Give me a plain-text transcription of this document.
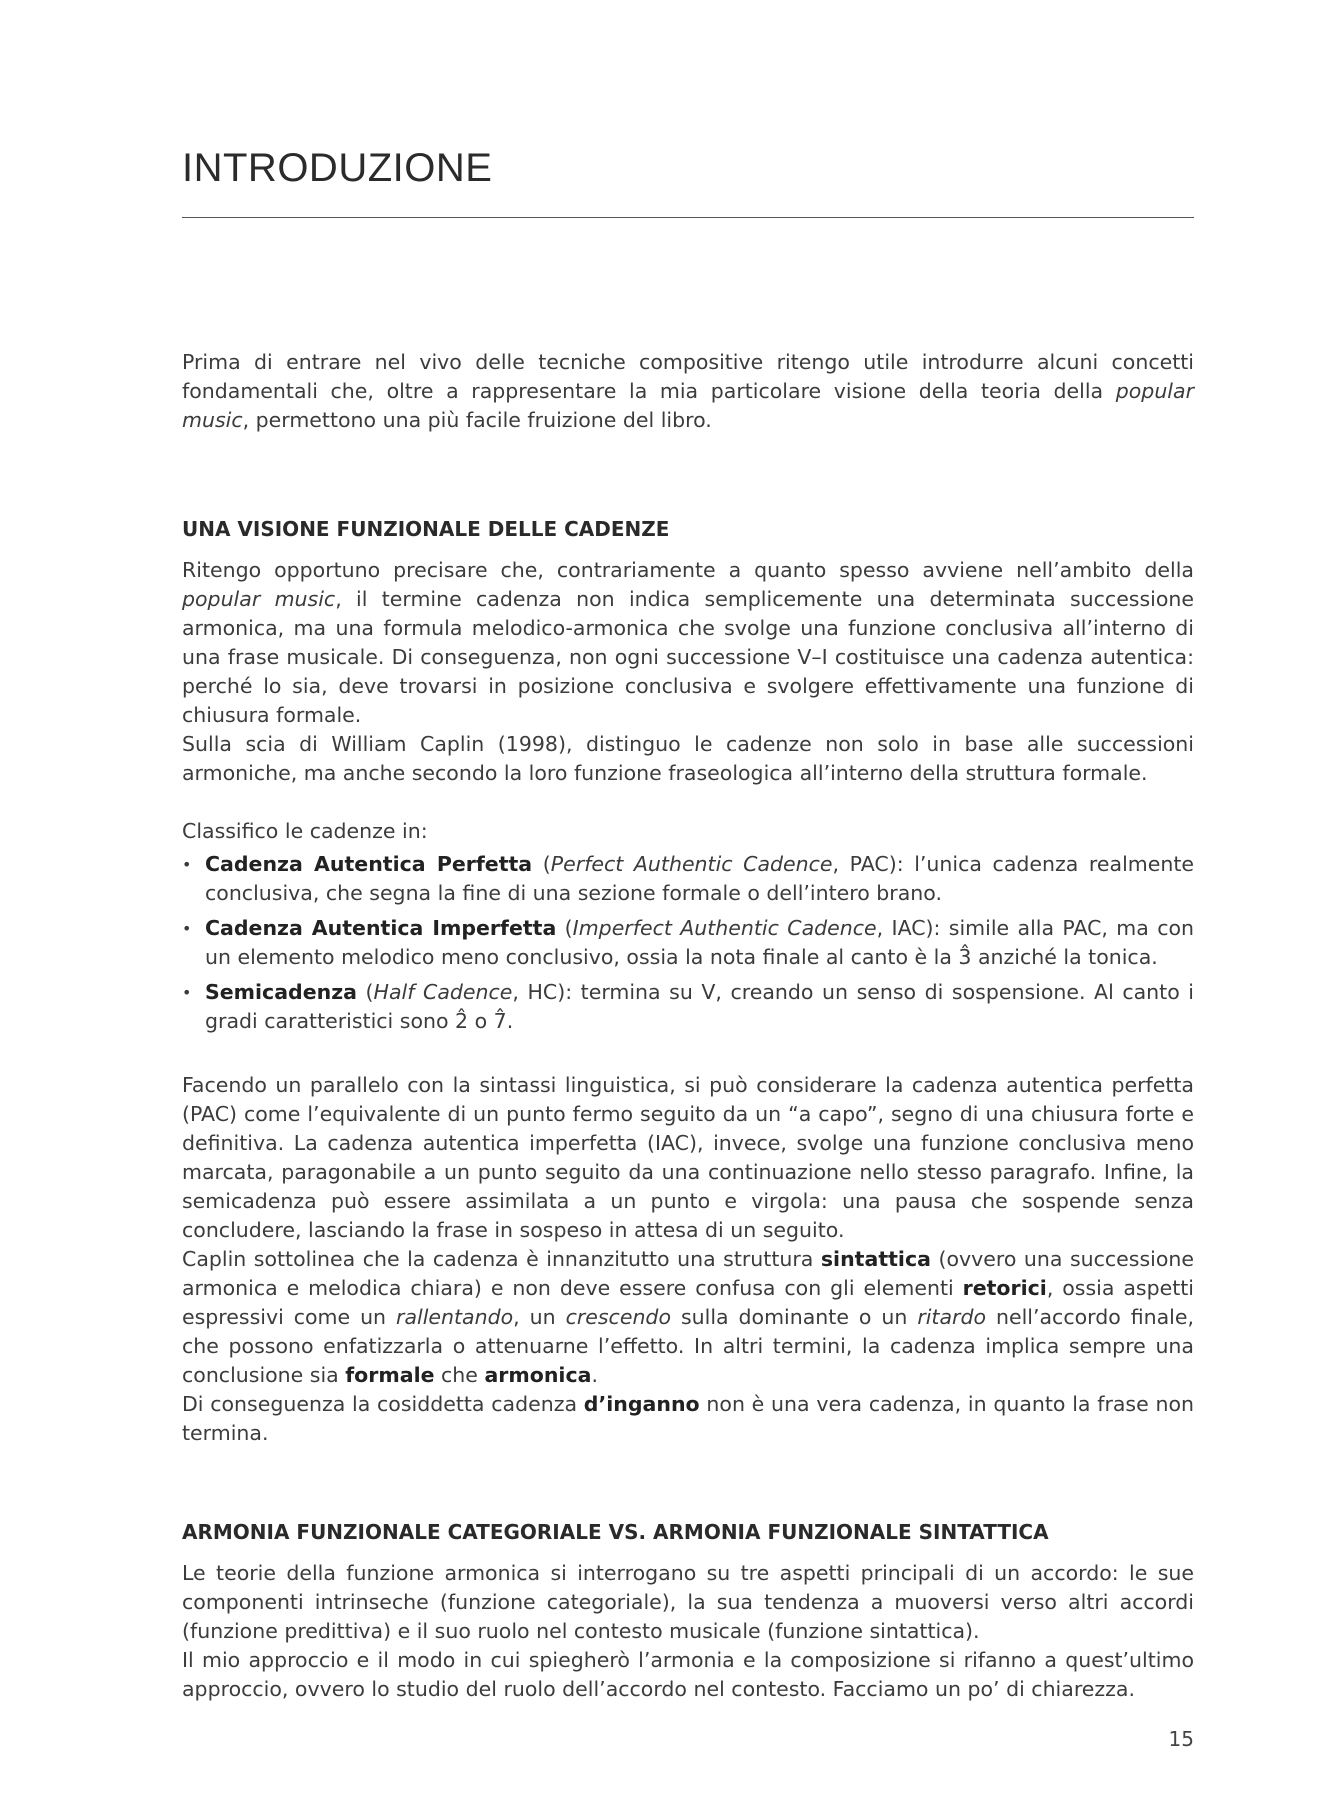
INTRODUZIONE

Prima di entrare nel vivo delle tecniche compositive ritengo utile introdurre alcuni concetti fondamentali che, oltre a rappresentare la mia particolare visione della teoria della popular music, permettono una più facile fruizione del libro.

UNA VISIONE FUNZIONALE DELLE CADENZE

Ritengo opportuno precisare che, contrariamente a quanto spesso avviene nell’ambito della popular music, il termine cadenza non indica semplicemente una determinata successione armonica, ma una formula melodico-armonica che svolge una funzione conclusiva all’interno di una frase musicale. Di conseguenza, non ogni successione V–I costituisce una cadenza autentica: perché lo sia, deve trovarsi in posizione conclusiva e svolgere effettivamente una funzione di chiusura formale.

Sulla scia di William Caplin (1998), distinguo le cadenze non solo in base alle successioni armoniche, ma anche secondo la loro funzione fraseologica all’interno della struttura formale.

Classifico le cadenze in:

• Cadenza Autentica Perfetta (Perfect Authentic Cadence, PAC): l’unica cadenza realmente conclusiva, che segna la fine di una sezione formale o dell’intero brano.
• Cadenza Autentica Imperfetta (Imperfect Authentic Cadence, IAC): simile alla PAC, ma con un elemento melodico meno conclusivo, ossia la nota finale al canto è la 3̂ anziché la tonica.
• Semicadenza (Half Cadence, HC): termina su V, creando un senso di sospensione. Al canto i gradi caratteristici sono 2̂ o 7̂.

Facendo un parallelo con la sintassi linguistica, si può considerare la cadenza autentica perfetta (PAC) come l’equivalente di un punto fermo seguito da un “a capo”, segno di una chiusura forte e definitiva. La cadenza autentica imperfetta (IAC), invece, svolge una funzione conclusiva meno marcata, paragonabile a un punto seguito da una continuazione nello stesso paragrafo. Infine, la semicadenza può essere assimilata a un punto e virgola: una pausa che sospende senza concludere, lasciando la frase in sospeso in attesa di un seguito.

Caplin sottolinea che la cadenza è innanzitutto una struttura sintattica (ovvero una successione armonica e melodica chiara) e non deve essere confusa con gli elementi retorici, ossia aspetti espressivi come un rallentando, un crescendo sulla dominante o un ritardo nell’accordo finale, che possono enfatizzarla o attenuarne l’effetto. In altri termini, la cadenza implica sempre una conclusione sia formale che armonica.

Di conseguenza la cosiddetta cadenza d’inganno non è una vera cadenza, in quanto la frase non termina.

ARMONIA FUNZIONALE CATEGORIALE VS. ARMONIA FUNZIONALE SINTATTICA

Le teorie della funzione armonica si interrogano su tre aspetti principali di un accordo: le sue componenti intrinseche (funzione categoriale), la sua tendenza a muoversi verso altri accordi (funzione predittiva) e il suo ruolo nel contesto musicale (funzione sintattica).

Il mio approccio e il modo in cui spiegherò l’armonia e la composizione si rifanno a quest’ultimo approccio, ovvero lo studio del ruolo dell’accordo nel contesto. Facciamo un po’ di chiarezza.

15
